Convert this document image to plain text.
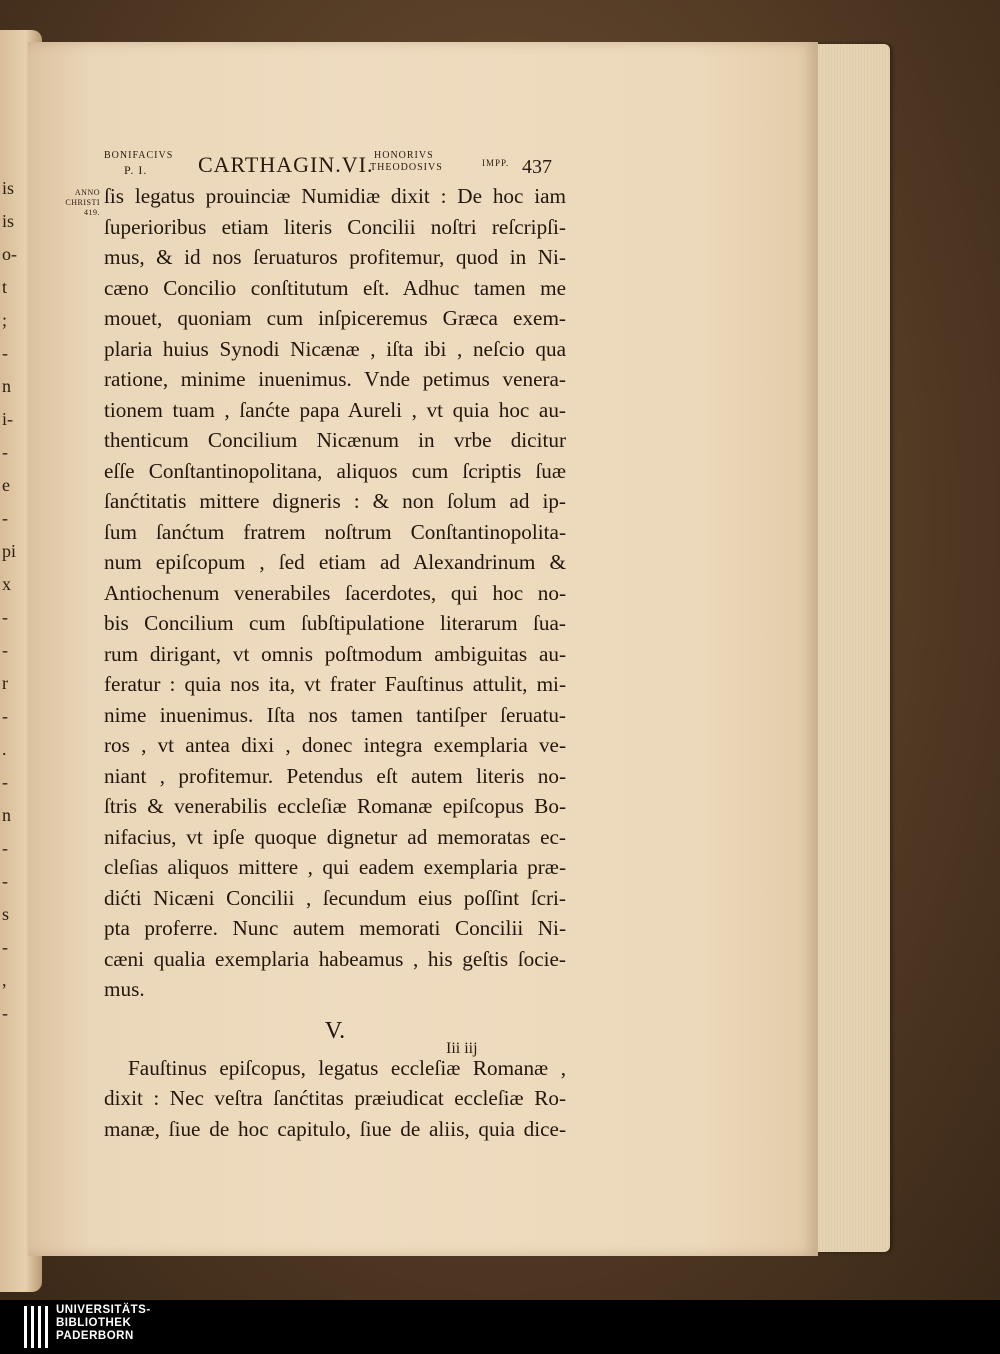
is
is
o-
t
;
-
n
i-
-
e
-
pi
x
-
-
r
-
.
-
n
-
-
s
-
,
-
BONIFACIVS
P. I. CARTHAGIN.VI. HONORIVS
THEODOSIVS	IMPP. 437
ANNO
CHRISTI
419.
ſis legatus prouinciæ Numidiæ dixit : De hoc iam
ſuperioribus etiam literis Concilii noſtri reſcripſi-
mus, & id nos ſeruaturos profitemur, quod in Ni-
cæno Concilio conſtitutum eſt. Adhuc tamen me
mouet, quoniam cum inſpiceremus Græca exem-
plaria huius Synodi Nicænæ , iſta ibi , neſcio qua
ratione, minime inuenimus. Vnde petimus venera-
tionem tuam , ſanćte papa Aureli , vt quia hoc au-
thenticum Concilium Nicænum in vrbe dicitur
eſſe Conſtantinopolitana, aliquos cum ſcriptis ſuæ
ſanćtitatis mittere digneris : & non ſolum ad ip-
ſum ſanćtum fratrem noſtrum Conſtantinopolita-
num epiſcopum , ſed etiam ad Alexandrinum &
Antiochenum venerabiles ſacerdotes, qui hoc no-
bis Concilium cum ſubſtipulatione literarum ſua-
rum dirigant, vt omnis poſtmodum ambiguitas au-
feratur : quia nos ita, vt frater Fauſtinus attulit, mi-
nime inuenimus. Iſta nos tamen tantiſper ſeruatu-
ros , vt antea dixi , donec integra exemplaria ve-
niant , profitemur. Petendus eſt autem literis no-
ſtris & venerabilis eccleſiæ Romanæ epiſcopus Bo-
nifacius, vt ipſe quoque dignetur ad memoratas ec-
cleſias aliquos mittere , qui eadem exemplaria præ-
dićti Nicæni Concilii , ſecundum eius poſſint ſcri-
pta proferre. Nunc autem memorati Concilii Ni-
cæni qualia exemplaria habeamus , his geſtis ſocie-
mus.
V.
Fauſtinus epiſcopus, legatus eccleſiæ Romanæ ,
dixit : Nec veſtra ſanćtitas præiudicat eccleſiæ Ro-
manæ, ſiue de hoc capitulo, ſiue de aliis, quia dice-
Iii iij
UNIVERSITÄTS-
BIBLIOTHEK
PADERBORN
